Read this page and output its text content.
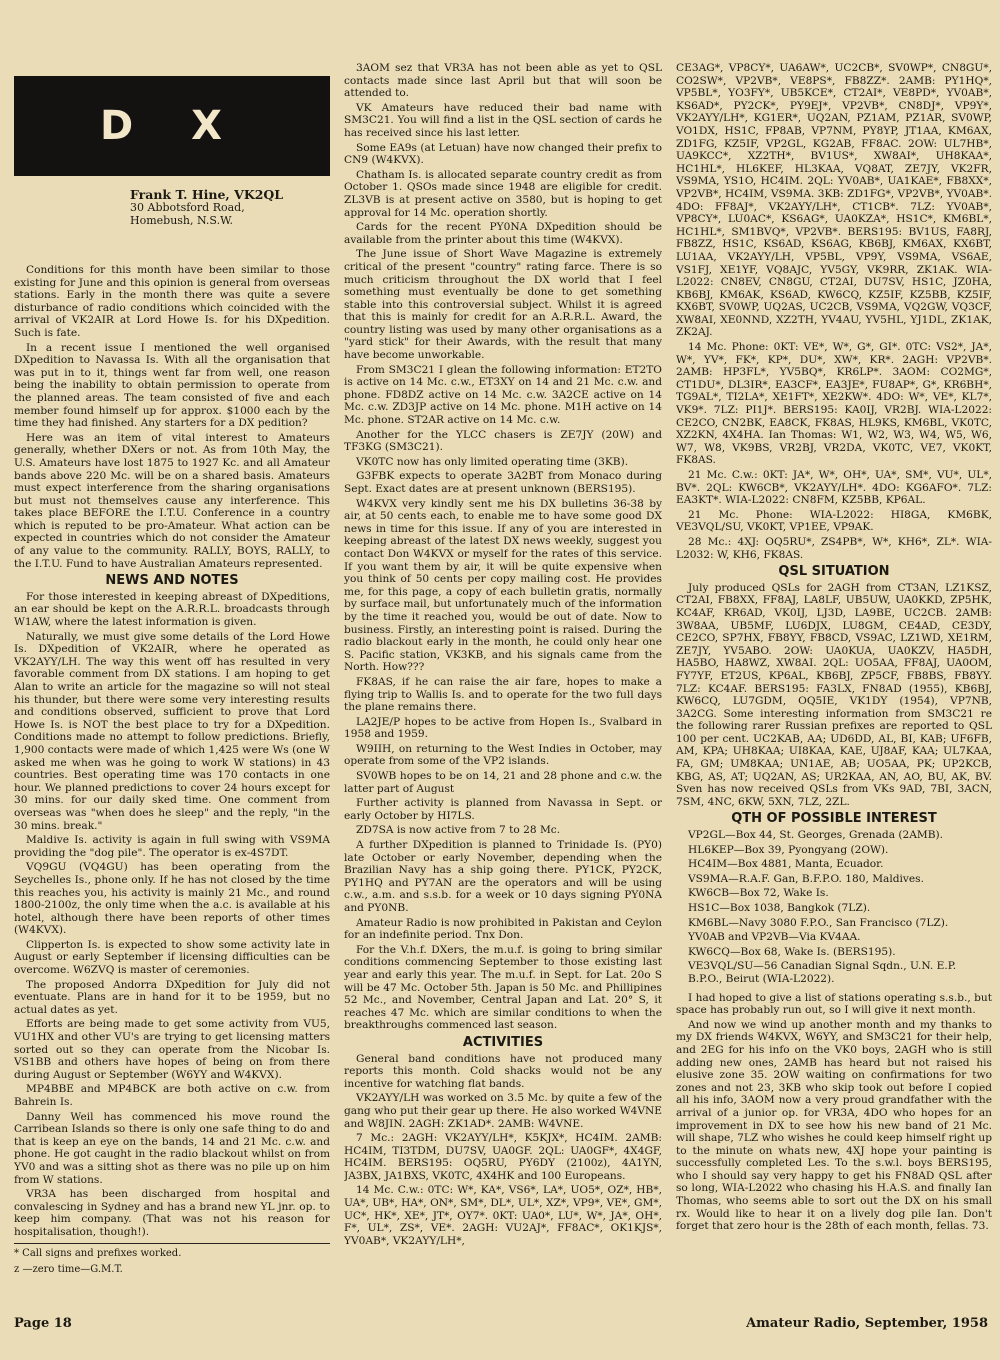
D X
Frank T. Hine, VK2QL
30 Abbotsford Road,
Homebush, N.S.W.

Conditions for this month have been similar to those existing for June and this opinion is general from overseas stations. Early in the month there was quite a severe disturbance of radio conditions which coincided with the arrival of VK2AIR at Lord Howe Is. for his DXpedition. Such is fate.

In a recent issue I mentioned the well organised DXpedition to Navassa Is. With all the organisation that was put in to it, things went far from well, one reason being the inability to obtain permission to operate from the planned areas. The team consisted of five and each member found himself up for approx. $1000 each by the time they had finished. Any starters for a DX pedition?

Here was an item of vital interest to Amateurs generally, whether DXers or not. As from 10th May, the U.S. Amateurs have lost 1875 to 1927 Kc. and all Amateur bands above 220 Mc. will be on a shared basis. Amateurs must expect interference from the sharing organisations but must not themselves cause any interference. This takes place BEFORE the I.T.U. Conference in a country which is reputed to be pro-Amateur. What action can be expected in countries which do not consider the Amateur of any value to the community. RALLY, BOYS, RALLY, to the I.T.U. Fund to have Australian Amateurs represented.

NEWS AND NOTES

For those interested in keeping abreast of DXpeditions, an ear should be kept on the A.R.R.L. broadcasts through W1AW, where the latest information is given.

Naturally, we must give some details of the Lord Howe Is. DXpedition of VK2AIR, where he operated as VK2AYY/LH. The way this went off has resulted in very favorable comment from DX stations. I am hoping to get Alan to write an article for the magazine so will not steal his thunder, but there were some very interesting results and conditions observed, sufficient to prove that Lord Howe Is. is NOT the best place to try for a DXpedition. Conditions made no attempt to follow predictions. Briefly, 1,900 contacts were made of which 1,425 were Ws (one W asked me when was he going to work W stations) in 43 countries. Best operating time was 170 contacts in one hour. We planned predictions to cover 24 hours except for 30 mins. for our daily sked time. One comment from overseas was "when does he sleep" and the reply, "in the 30 mins. break."

Maldive Is. activity is again in full swing with VS9MA providing the "dog pile". The operator is ex-4S7DT.

VQ9GU (VQ4GU) has been operating from the Seychelles Is., phone only. If he has not closed by the time this reaches you, his activity is mainly 21 Mc., and round 1800-2100z, the only time when the a.c. is available at his hotel, although there have been reports of other times (W4KVX).

Clipperton Is. is expected to show some activity late in August or early September if licensing difficulties can be overcome. W6ZVQ is master of ceremonies.

The proposed Andorra DXpedition for July did not eventuate. Plans are in hand for it to be 1959, but no actual dates as yet.

Efforts are being made to get some activity from VU5, VU1HX and other VU's are trying to get licensing matters sorted out so they can operate from the Nicobar Is. VS1BB and others have hopes of being on from there during August or September (W6YY and W4KVX).

MP4BBE and MP4BCK are both active on c.w. from Bahrein Is.

Danny Weil has commenced his move round the Carribean Islands so there is only one safe thing to do and that is keep an eye on the bands, 14 and 21 Mc. c.w. and phone. He got caught in the radio blackout whilst on from YV0 and was a sitting shot as there was no pile up on him from W stations.

VR3A has been discharged from hospital and convalescing in Sydney and has a brand new YL jnr. op. to keep him company. (That was not his reason for hospitalisation, though!).

* Call signs and prefixes worked.
z —zero time—G.M.T.

3AOM sez that VR3A has not been able as yet to QSL contacts made since last April but that will soon be attended to.

VK Amateurs have reduced their bad name with SM3C21. You will find a list in the QSL section of cards he has received since his last letter.

Some EA9s (at Letuan) have now changed their prefix to CN9 (W4KVX).

Chatham Is. is allocated separate country credit as from October 1. QSOs made since 1948 are eligible for credit. ZL3VB is at present active on 3580, but is hoping to get approval for 14 Mc. operation shortly.

Cards for the recent PY0NA DXpedition should be available from the printer about this time (W4KVX).

The June issue of Short Wave Magazine is extremely critical of the present "country" rating farce. There is so much criticism throughout the DX world that I feel something must eventually be done to get something stable into this controversial subject. Whilst it is agreed that this is mainly for credit for an A.R.R.L. Award, the country listing was used by many other organisations as a "yard stick" for their Awards, with the result that many have become unworkable.

From SM3C21 I glean the following information: ET2TO is active on 14 Mc. c.w., ET3XY on 14 and 21 Mc. c.w. and phone. FD8DZ active on 14 Mc. c.w. 3A2CE active on 14 Mc. c.w. ZD3JP active on 14 Mc. phone. M1H active on 14 Mc. phone. ST2AR active on 14 Mc. c.w.

Another for the YLCC chasers is ZE7JY (20W) and TF3KG (SM3C21).

VK0TC now has only limited operating time (3KB).

G3FBK expects to operate 3A2BT from Monaco during Sept. Exact dates are at present unknown (BERS195).

W4KVX very kindly sent me his DX bulletins 36-38 by air, at 50 cents each, to enable me to have some good DX news in time for this issue. If any of you are interested in keeping abreast of the latest DX news weekly, suggest you contact Don W4KVX or myself for the rates of this service. If you want them by air, it will be quite expensive when you think of 50 cents per copy mailing cost. He provides me, for this page, a copy of each bulletin gratis, normally by surface mail, but unfortunately much of the information by the time it reached you, would be out of date. Now to business. Firstly, an interesting point is raised. During the radio blackout early in the month, he could only hear one S. Pacific station, VK3KB, and his signals came from the North. How???

FK8AS, if he can raise the air fare, hopes to make a flying trip to Wallis Is. and to operate for the two full days the plane remains there.

LA2JE/P hopes to be active from Hopen Is., Svalbard in 1958 and 1959.

W9IIH, on returning to the West Indies in October, may operate from some of the VP2 islands.

SV0WB hopes to be on 14, 21 and 28 phone and c.w. the latter part of August

Further activity is planned from Navassa in Sept. or early October by HI7LS.

ZD7SA is now active from 7 to 28 Mc.

A further DXpedition is planned to Trinidade Is. (PY0) late October or early November, depending when the Brazilian Navy has a ship going there. PY1CK, PY2CK, PY1HQ and PY7AN are the operators and will be using c.w., a.m. and s.s.b. for a week or 10 days signing PY0NA and PY0NB.

Amateur Radio is now prohibited in Pakistan and Ceylon for an indefinite period. Tnx Don.

For the V.h.f. DXers, the m.u.f. is going to bring similar conditions commencing September to those existing last year and early this year. The m.u.f. in Sept. for Lat. 20o S will be 47 Mc. October 5th. Japan is 50 Mc. and Phillipines 52 Mc., and November, Central Japan and Lat. 20° S, it reaches 47 Mc. which are similar conditions to when the breakthroughs commenced last season.

ACTIVITIES

General band conditions have not produced many reports this month. Cold shacks would not be any incentive for watching flat bands.

VK2AYY/LH was worked on 3.5 Mc. by quite a few of the gang who put their gear up there. He also worked W4VNE and W8JIN. 2AGH: ZK1AD*. 2AMB: W4VNE.

7 Mc.: 2AGH: VK2AYY/LH*, K5KJX*, HC4IM. 2AMB: HC4IM, TI3TDM, DU7SV, UA0GF. 2QL: UA0GF*, 4X4GF, HC4IM. BERS195: OQ5RU, PY6DY (2100z), 4A1YN, JA3BX, JA1BXS, VK0TC, 4X4HK and 100 Europeans.

14 Mc. C.w.: 0TC: W*, KA*, VS6*, LA*, UO5*, OZ*, HB*, UA*, UB*, HA*, ON*, SM*, DL*, UL*, XZ*, VP9*, VE*, GM*, UC*, HK*, XE*, JT*, OY7*. 0KT: UA0*, LU*, W*, JA*, OH*, F*, UL*, ZS*, VE*. 2AGH: VU2AJ*, FF8AC*, OK1KJS*, YV0AB*, VK2AYY/LH*,

CE3AG*, VP8CY*, UA6AW*, UC2CB*, SV0WP*, CN8GU*, CO2SW*, VP2VB*, VE8PS*, FB8ZZ*. 2AMB: PY1HQ*, VP5BL*, YO3FY*, UB5KCE*, CT2AI*, VE8PD*, YV0AB*, KS6AD*, PY2CK*, PY9EJ*, VP2VB*, CN8DJ*, VP9Y*, VK2AYY/LH*, KG1ER*, UQ2AN, PZ1AM, PZ1AR, SV0WP, VO1DX, HS1C, FP8AB, VP7NM, PY8YP, JT1AA, KM6AX, ZD1FG, KZ5IF, VP2GL, KG2AB, FF8AC. 2OW: UL7HB*, UA9KCC*, XZ2TH*, BV1US*, XW8AI*, UH8KAA*, HC1HL*, HL6KEF, HL3KAA, VQ8AT, ZE7JY, VK2FR, VS9MA, YS1O, HC4IM. 2QL: YV0AB*, UA1KAE*, FB8XX*, VP2VB*, HC4IM, VS9MA. 3KB: ZD1FG*, VP2VB*, YV0AB*. 4DO: FF8AJ*, VK2AYY/LH*, CT1CB*. 7LZ: YV0AB*, VP8CY*, LU0AC*, KS6AG*, UA0KZA*, HS1C*, KM6BL*, HC1HL*, SM1BVQ*, VP2VB*. BERS195: BV1US, FA8RJ, FB8ZZ, HS1C, KS6AD, KS6AG, KB6BJ, KM6AX, KX6BT, LU1AA, VK2AYY/LH, VP5BL, VP9Y, VS9MA, VS6AE, VS1FJ, XE1YF, VQ8AJC, YV5GY, VK9RR, ZK1AK. WIA-L2022: CN8EV, CN8GU, CT2AI, DU7SV, HS1C, JZ0HA, KB6BJ, KM6AK, KS6AD, KW6CQ, KZ5IF, KZ5BB, KZ5IF, KX6BT, SV0WP, UQ2AS, UC2CB, VS9MA, VQ2GW, VQ3CF, XW8AI, XE0NND, XZ2TH, YV4AU, YV5HL, YJ1DL, ZK1AK, ZK2AJ.

14 Mc. Phone: 0KT: VE*, W*, G*, GI*. 0TC: VS2*, JA*, W*, YV*, FK*, KP*, DU*, XW*, KR*. 2AGH: VP2VB*. 2AMB: HP3FL*, YV5BQ*, KR6LP*. 3AOM: CO2MG*, CT1DU*, DL3IR*, EA3CF*, EA3JE*, FU8AP*, G*, KR6BH*, TG9AL*, TI2LA*, XE1FT*, XE2KW*. 4DO: W*, VE*, KL7*, VK9*. 7LZ: PI1J*. BERS195: KA0IJ, VR2BJ. WIA-L2022: CE2CO, CN2BK, EA8CK, FK8AS, HL9KS, KM6BL, VK0TC, XZ2KN, 4X4HA. Ian Thomas: W1, W2, W3, W4, W5, W6, W7, W8, VK9BS, VR2BJ, VR2DA, VK0TC, VE7, VK0KT, FK8AS.

21 Mc. C.w.: 0KT: JA*, W*, OH*, UA*, SM*, VU*, UL*, BV*. 2QL: KW6CB*, VK2AYY/LH*. 4DO: KG6AFO*. 7LZ: EA3KT*. WIA-L2022: CN8FM, KZ5BB, KP6AL.

21 Mc. Phone: WIA-L2022: HI8GA, KM6BK, VE3VQL/SU, VK0KT, VP1EE, VP9AK.

28 Mc.: 4XJ: OQ5RU*, ZS4PB*, W*, KH6*, ZL*. WIA-L2032: W, KH6, FK8AS.

QSL SITUATION

July produced QSLs for 2AGH from CT3AN, LZ1KSZ, CT2AI, FB8XX, FF8AJ, LA8LF, UB5UW, UA0KKD, ZP5HK, KC4AF, KR6AD, VK0IJ, LJ3D, LA9BE, UC2CB. 2AMB: 3W8AA, UB5MF, LU6DJX, LU8GM, CE4AD, CE3DY, CE2CO, SP7HX, FB8YY, FB8CD, VS9AC, LZ1WD, XE1RM, ZE7JY, YV5ABO. 2OW: UA0KUA, UA0KZV, HA5DH, HA5BO, HA8WZ, XW8AI. 2QL: UO5AA, FF8AJ, UA0OM, FY7YF, ET2US, KP6AL, KB6BJ, ZP5CF, FB8BS, FB8YY. 7LZ: KC4AF. BERS195: FA3LX, FN8AD (1955), KB6BJ, KW6CQ, LU7GDM, OQ5IE, VK1DY (1954), VP7NB, 3A2CG. Some interesting information from SM3C21 re the following rarer Russian prefixes are reported to QSL 100 per cent. UC2KAB, AA; UD6DD, AL, BI, KAB; UF6FB, AM, KPA; UH8KAA; UI8KAA, KAE, UJ8AF, KAA; UL7KAA, FA, GM; UM8KAA; UN1AE, AB; UO5AA, PK; UP2KCB, KBG, AS, AT; UQ2AN, AS; UR2KAA, AN, AO, BU, AK, BV. Sven has now received QSLs from VKs 9AD, 7BI, 3ACN, 7SM, 4NC, 6KW, 5XN, 7LZ, 2ZL.

QTH OF POSSIBLE INTEREST

VP2GL—Box 44, St. Georges, Grenada (2AMB).

HL6KEP—Box 39, Pyongyang (2OW).

HC4IM—Box 4881, Manta, Ecuador.

VS9MA—R.A.F. Gan, B.F.P.O. 180, Maldives.

KW6CB—Box 72, Wake Is.

HS1C—Box 1038, Bangkok (7LZ).

KM6BL—Navy 3080 F.P.O., San Francisco (7LZ).

YV0AB and VP2VB—Via KV4AA.

KW6CQ—Box 68, Wake Is. (BERS195).

VE3VQL/SU—56 Canadian Signal Sqdn., U.N. E.P. B.P.O., Beirut (WIA-L2022).

I had hoped to give a list of stations operating s.s.b., but space has probably run out, so I will give it next month.

And now we wind up another month and my thanks to my DX friends W4KVX, W6YY, and SM3C21 for their help, and 2EG for his info on the VK0 boys, 2AGH who is still adding new ones, 2AMB has heard but not raised his elusive zone 35. 2OW waiting on confirmations for two zones and not 23, 3KB who skip took out before I copied all his info, 3AOM now a very proud grandfather with the arrival of a junior op. for VR3A, 4DO who hopes for an improvement in DX to see how his new band of 21 Mc. will shape, 7LZ who wishes he could keep himself right up to the minute on whats new, 4XJ hope your painting is successfully completed Les. To the s.w.l. boys BERS195, who I should say very happy to get his FN8AD QSL after so long, WIA-L2022 who chasing his H.A.S. and finally Ian Thomas, who seems able to sort out the DX on his small rx. Would like to hear it on a lively dog pile Ian. Don't forget that zero hour is the 28th of each month, fellas. 73.

Page 18	Amateur Radio, September, 1958
